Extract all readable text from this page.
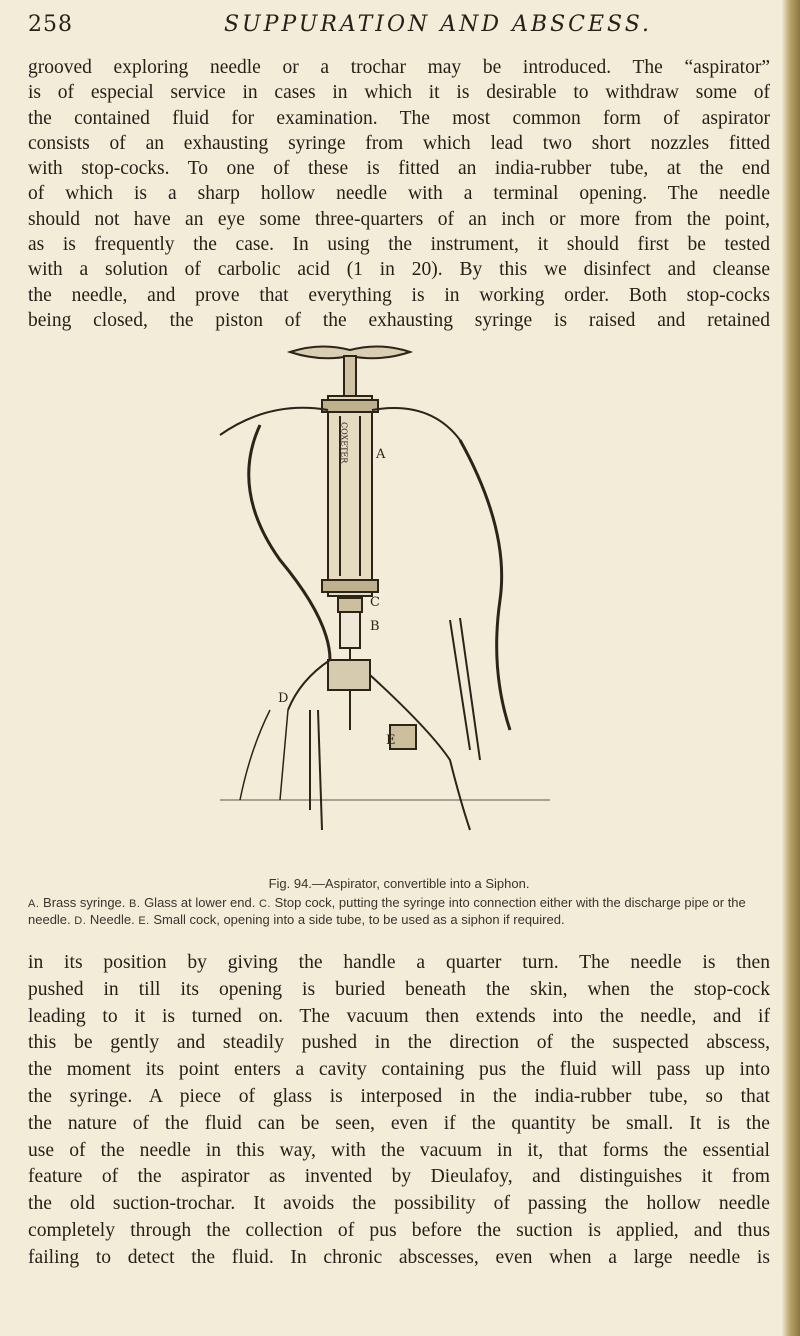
258	SUPPURATION AND ABSCESS.
grooved exploring needle or a trochar may be introduced. The “aspirator”
is of especial service in cases in which it is desirable to withdraw some of
the contained fluid for examination. The most common form of aspirator
consists of an exhausting syringe from which lead two short nozzles fitted
with stop-cocks. To one of these is fitted an india-rubber tube, at the end
of which is a sharp hollow needle with a terminal opening. The needle
should not have an eye some three-quarters of an inch or more from the point,
as is frequently the case. In using the instrument, it should first be tested
with a solution of carbolic acid (1 in 20). By this we disinfect and cleanse
the needle, and prove that everything is in working order. Both stop-cocks
being closed, the piston of the exhausting syringe is raised and retained
A
B
C
D
E
COXETER

Fig. 94.—Aspirator, convertible into a Siphon.

A. Brass syringe. B. Glass at lower end. C. Stop cock, putting the syringe into connection either with the discharge pipe or the needle. D. Needle. E. Small cock, opening into a side tube, to be used as a siphon if required.

in its position by giving the handle a quarter turn. The needle is then
pushed in till its opening is buried beneath the skin, when the stop-cock
leading to it is turned on. The vacuum then extends into the needle, and if
this be gently and steadily pushed in the direction of the suspected abscess,
the moment its point enters a cavity containing pus the fluid will pass up into
the syringe. A piece of glass is interposed in the india-rubber tube, so that
the nature of the fluid can be seen, even if the quantity be small. It is the
use of the needle in this way, with the vacuum in it, that forms the essential
feature of the aspirator as invented by Dieulafoy, and distinguishes it from
the old suction-trochar. It avoids the possibility of passing the hollow needle
completely through the collection of pus before the suction is applied, and thus
failing to detect the fluid. In chronic abscesses, even when a large needle is
